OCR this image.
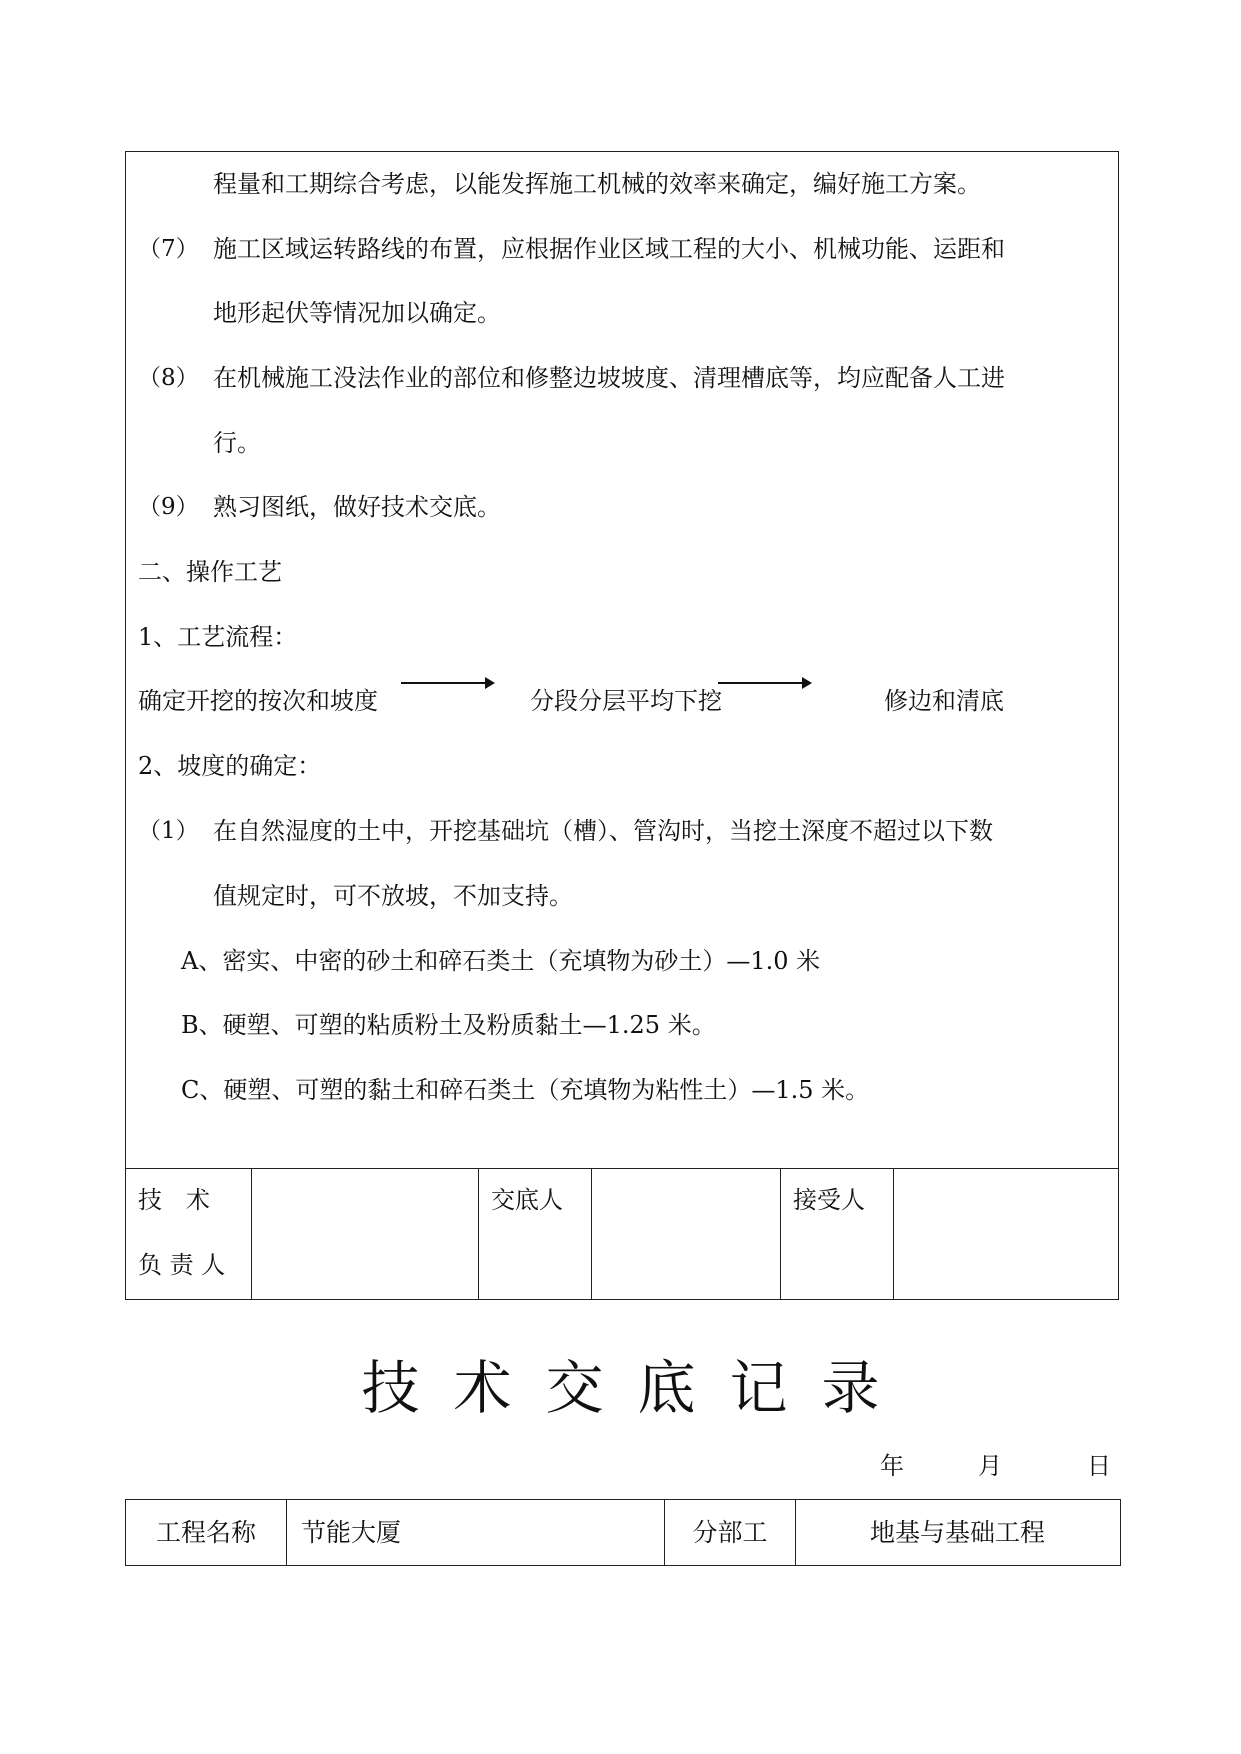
程量和工期综合考虑，以能发挥施工机械的效率来确定，编好施工方案。
（7） 施工区域运转路线的布置，应根据作业区域工程的大小、机械功能、运距和
地形起伏等情况加以确定。
（8） 在机械施工没法作业的部位和修整边坡坡度、清理槽底等，均应配备人工进
行。
（9） 熟习图纸，做好技术交底。
二、操作工艺
1、工艺流程：
确定开挖的按次和坡度	分段分层平均下挖	修边和清底
2、坡度的确定：
（1） 在自然湿度的土中，开挖基础坑（槽）、管沟时，当挖土深度不超过以下数
值规定时，可不放坡，不加支持。
A、密实、中密的砂土和碎石类土（充填物为砂土）—1.0 米
B、硬塑、可塑的粘质粉土及粉质黏土—1.25 米。
C、硬塑、可塑的黏土和碎石类土（充填物为粘性土）—1.5 米。
技　术
负 责 人
交底人	接受人
技术交底记录
年	月	日
工程名称	节能大厦	分部工	地基与基础工程
